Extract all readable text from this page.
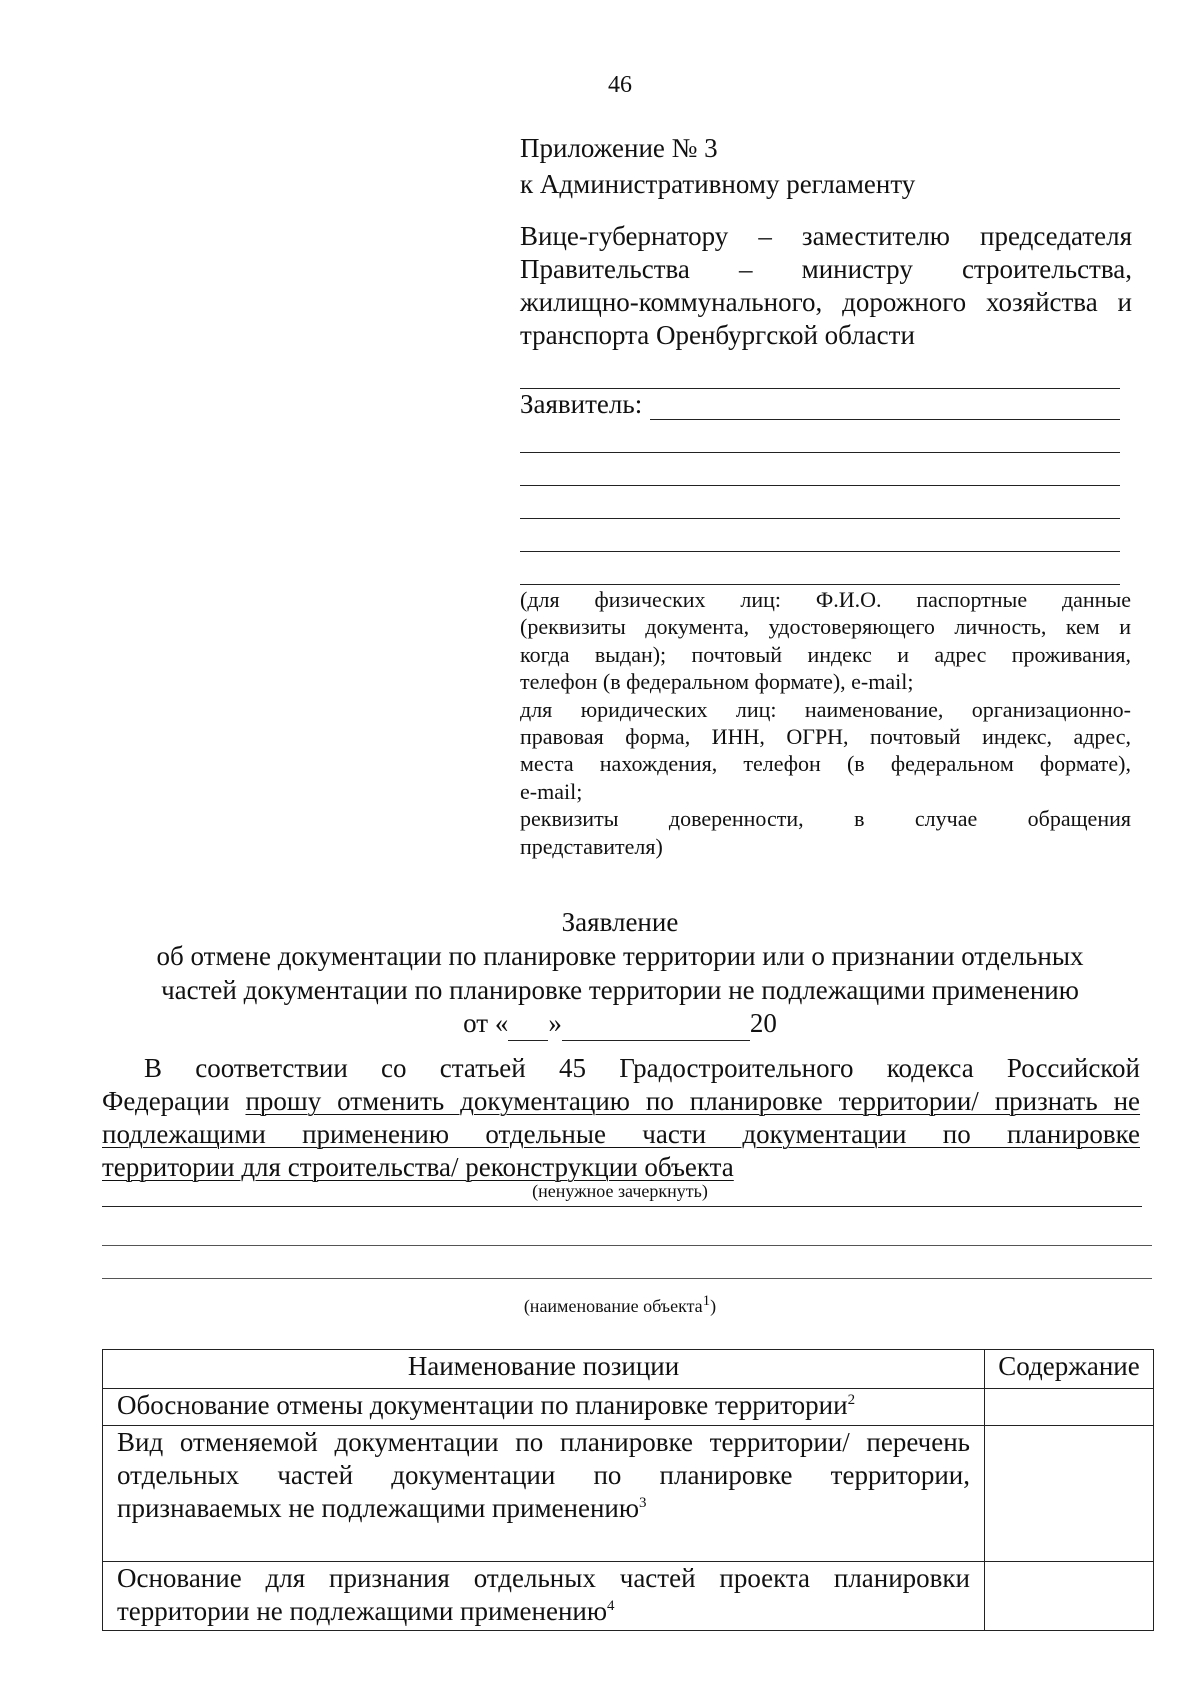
46
Приложение № 3
к Административному регламенту
Вице-губернатору – заместителю председателя
Правительства – министру строительства,
жилищно-коммунального, дорожного хозяйства и
транспорта Оренбургской области
Заявитель:
(для физических лиц: Ф.И.О. паспортные данные
(реквизиты документа, удостоверяющего личность, кем и
когда выдан); почтовый индекс и адрес проживания,
телефон (в федеральном формате), e-mail;
для юридических лиц: наименование, организационно-
правовая форма, ИНН, ОГРН, почтовый индекс, адрес,
места нахождения, телефон (в федеральном формате),
e-mail;
реквизиты доверенности, в случае обращения
представителя)
Заявление
об отмене документации по планировке территории или о признании отдельных
частей документации по планировке территории не подлежащими применению
от « »	20
В соответствии со статьей 45 Градостроительного кодекса Российской
Федерации прошу отменить документацию по планировке территории/ признать не
подлежащими применению отдельные части документации по планировке
территории для строительства/ реконструкции объекта
(ненужное зачеркнуть)
(наименование объекта$^1$)
Наименование позиции	Содержание
Обоснование отмены документации по планировке территории$^2$	

Вид отменяемой документации по планировке территории/ перечень
отдельных частей документации по планировке территории,
признаваемых не подлежащими применению$^3$

Основание для признания отдельных частей проекта планировки
территории не подлежащими применению$^4$
